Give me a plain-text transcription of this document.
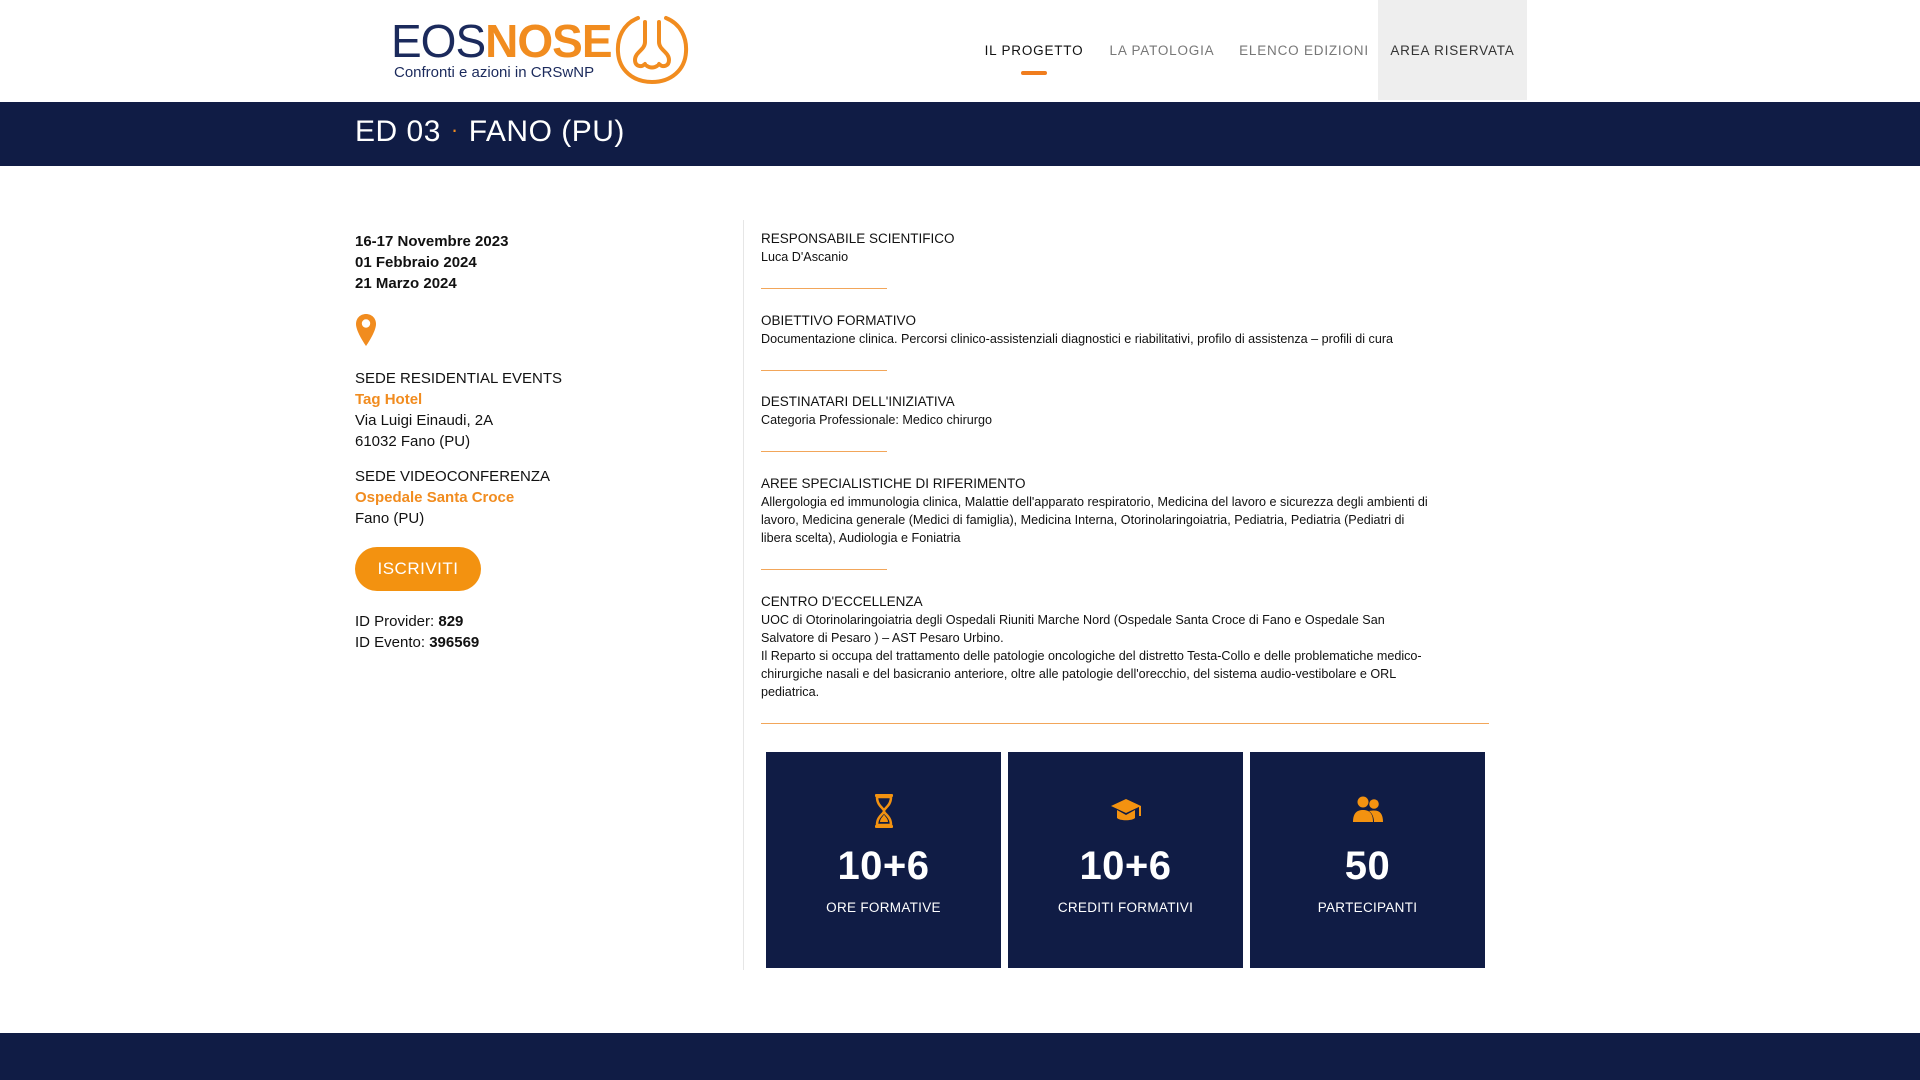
EOSNOSE
Confronti e azioni in CRSwNP
IL PROGETTO LA PATOLOGIA ELENCO EDIZIONI AREA RISERVATA
ED 03 · FANO (PU)
16-17 Novembre 2023
01 Febbraio 2024
21 Marzo 2024
SEDE RESIDENTIAL EVENTS
Tag Hotel
Via Luigi Einaudi, 2A
61032 Fano (PU)
SEDE VIDEOCONFERENZA
Ospedale Santa Croce
Fano (PU)
ISCRIVITI
ID Provider: 829
ID Evento: 396569
RESPONSABILE SCIENTIFICO
Luca D'Ascanio
OBIETTIVO FORMATIVO
Documentazione clinica. Percorsi clinico-assistenziali diagnostici e riabilitativi, profilo di assistenza – profili di cura
DESTINATARI DELL'INIZIATIVA
Categoria Professionale: Medico chirurgo
AREE SPECIALISTICHE DI RIFERIMENTO
Allergologia ed immunologia clinica, Malattie dell'apparato respiratorio, Medicina del lavoro e sicurezza degli ambienti di
lavoro, Medicina generale (Medici di famiglia), Medicina Interna, Otorinolaringoiatria, Pediatria, Pediatria (Pediatri di
libera scelta), Audiologia e Foniatria
CENTRO D'ECCELLENZA
UOC di Otorinolaringoiatria degli Ospedali Riuniti Marche Nord (Ospedale Santa Croce di Fano e Ospedale San
Salvatore di Pesaro ) – AST Pesaro Urbino.
Il Reparto si occupa del trattamento delle patologie oncologiche del distretto Testa-Collo e delle problematiche medico-
chirurgiche nasali e del basicranio anteriore, oltre alle patologie dell'orecchio, del sistema audio-vestibolare e ORL
pediatrica.
10+6
ORE FORMATIVE
10+6
CREDITI FORMATIVI
50
PARTECIPANTI
